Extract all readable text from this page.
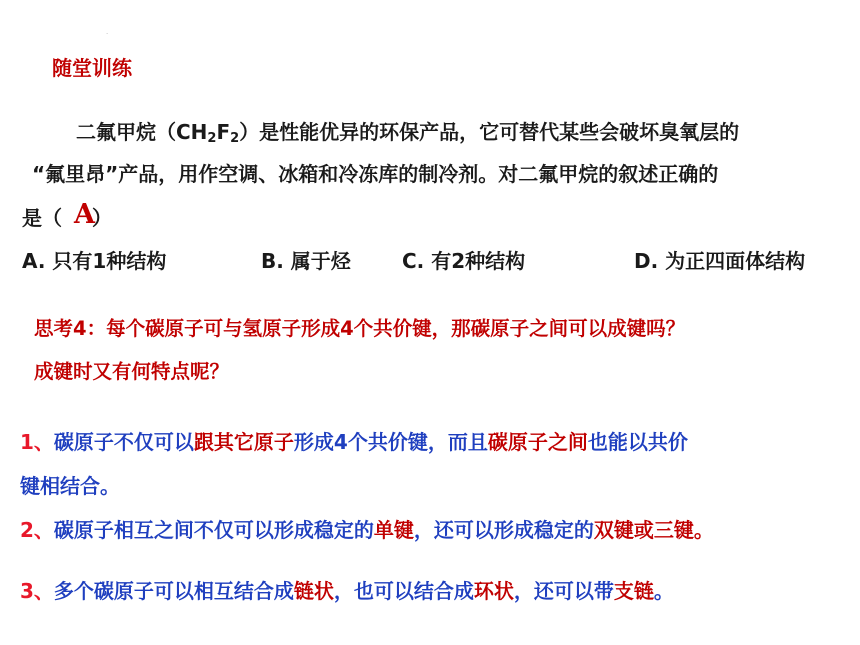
·
随堂训练
二氟甲烷$(CH_2F_2)$是性能优异的环保产品，它可替代某些会破坏臭氧层的
“氟里昂”产品，用作空调、冰箱和冷冻库的制冷剂。对二氟甲烷的叙述正确的
是（ ）
A
A. 只有1种结构	B. 属于烃	C. 有2种结构	D. 为正四面体结构
思考4：每个碳原子可与氢原子形成4个共价键，那碳原子之间可以成键吗？
成键时又有何特点呢？
1、碳原子不仅可以跟其它原子形成4个共价键，而且碳原子之间也能以共价
键相结合。
2、碳原子相互之间不仅可以形成稳定的单键，还可以形成稳定的双键或三键。
3、多个碳原子可以相互结合成链状，也可以结合成环状，还可以带支链。
